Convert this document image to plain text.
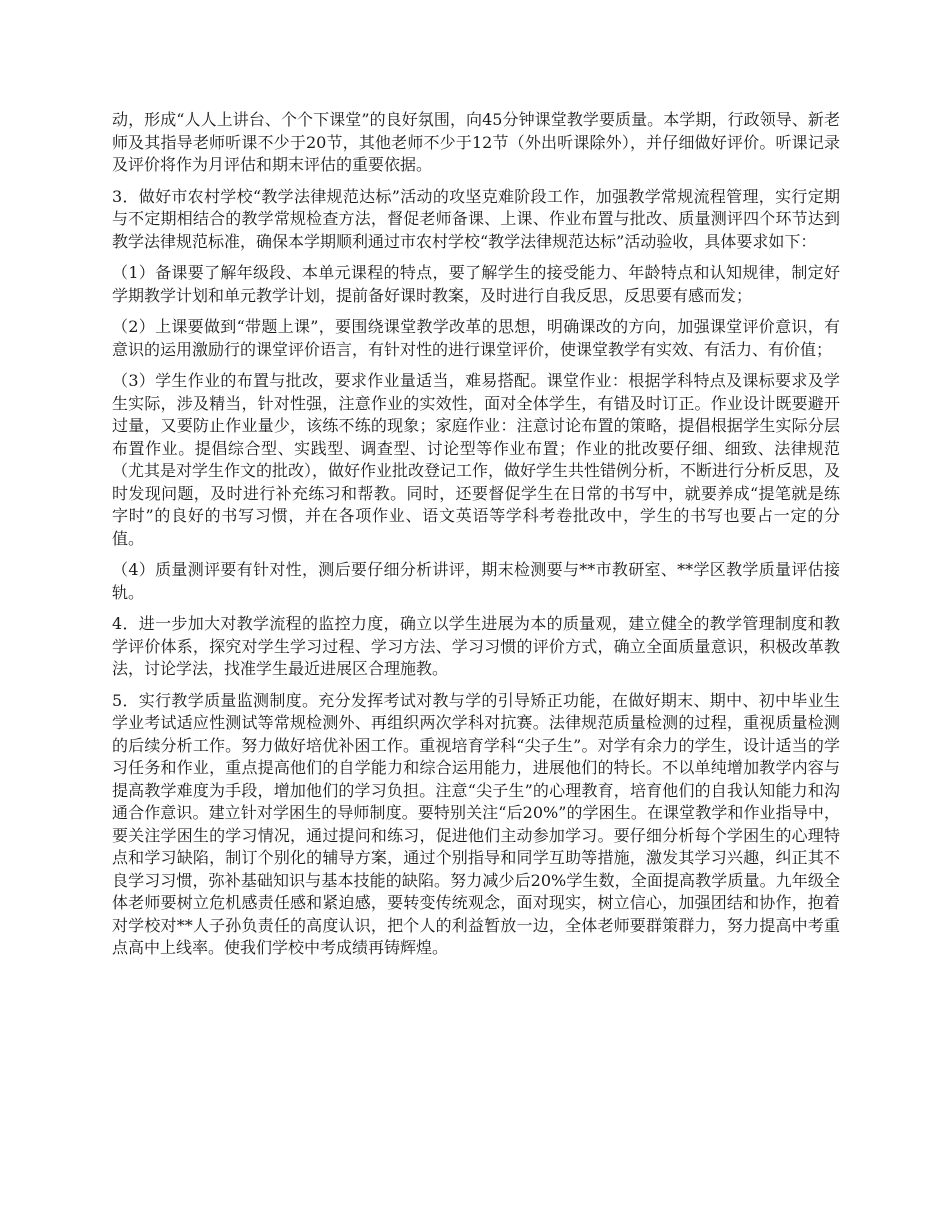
动，形成“人人上讲台、个个下课堂”的良好氛围，向45分钟课堂教学要质量。本学期，行政领导、新老师及其指导老师听课不少于20节，其他老师不少于12节（外出听课除外），并仔细做好评价。听课记录及评价将作为月评估和期末评估的重要依据。

3．做好市农村学校“教学法律规范达标”活动的攻坚克难阶段工作，加强教学常规流程管理，实行定期与不定期相结合的教学常规检查方法，督促老师备课、上课、作业布置与批改、质量测评四个环节达到教学法律规范标准，确保本学期顺利通过市农村学校“教学法律规范达标”活动验收，具体要求如下：

（1）备课要了解年级段、本单元课程的特点，要了解学生的接受能力、年龄特点和认知规律，制定好学期教学计划和单元教学计划，提前备好课时教案，及时进行自我反思，反思要有感而发；

（2）上课要做到“带题上课”，要围绕课堂教学改革的思想，明确课改的方向，加强课堂评价意识，有意识的运用激励行的课堂评价语言，有针对性的进行课堂评价，使课堂教学有实效、有活力、有价值；

（3）学生作业的布置与批改，要求作业量适当，难易搭配。课堂作业：根据学科特点及课标要求及学生实际，涉及精当，针对性强，注意作业的实效性，面对全体学生，有错及时订正。作业设计既要避开过量，又要防止作业量少，该练不练的现象；家庭作业：注意讨论布置的策略，提倡根据学生实际分层布置作业。提倡综合型、实践型、调查型、讨论型等作业布置；作业的批改要仔细、细致、法律规范（尤其是对学生作文的批改），做好作业批改登记工作，做好学生共性错例分析，不断进行分析反思，及时发现问题，及时进行补充练习和帮教。同时，还要督促学生在日常的书写中，就要养成“提笔就是练字时”的良好的书写习惯，并在各项作业、语文英语等学科考卷批改中，学生的书写也要占一定的分值。

（4）质量测评要有针对性，测后要仔细分析讲评，期末检测要与**市教研室、**学区教学质量评估接轨。

4．进一步加大对教学流程的监控力度，确立以学生进展为本的质量观，建立健全的教学管理制度和教学评价体系，探究对学生学习过程、学习方法、学习习惯的评价方式，确立全面质量意识，积极改革教法，讨论学法，找准学生最近进展区合理施教。

5．实行教学质量监测制度。充分发挥考试对教与学的引导矫正功能，在做好期末、期中、初中毕业生学业考试适应性测试等常规检测外、再组织两次学科对抗赛。法律规范质量检测的过程，重视质量检测的后续分析工作。努力做好培优补困工作。重视培育学科“尖子生”。对学有余力的学生，设计适当的学习任务和作业，重点提高他们的自学能力和综合运用能力，进展他们的特长。不以单纯增加教学内容与提高教学难度为手段，增加他们的学习负担。注意“尖子生”的心理教育，培育他们的自我认知能力和沟通合作意识。建立针对学困生的导师制度。要特别关注“后20%”的学困生。在课堂教学和作业指导中，要关注学困生的学习情况，通过提问和练习，促进他们主动参加学习。要仔细分析每个学困生的心理特点和学习缺陷，制订个别化的辅导方案，通过个别指导和同学互助等措施，激发其学习兴趣，纠正其不良学习习惯，弥补基础知识与基本技能的缺陷。努力减少后20%学生数，全面提高教学质量。九年级全体老师要树立危机感责任感和紧迫感，要转变传统观念，面对现实，树立信心，加强团结和协作，抱着对学校对**人子孙负责任的高度认识，把个人的利益暂放一边，全体老师要群策群力，努力提高中考重点高中上线率。使我们学校中考成绩再铸辉煌。
